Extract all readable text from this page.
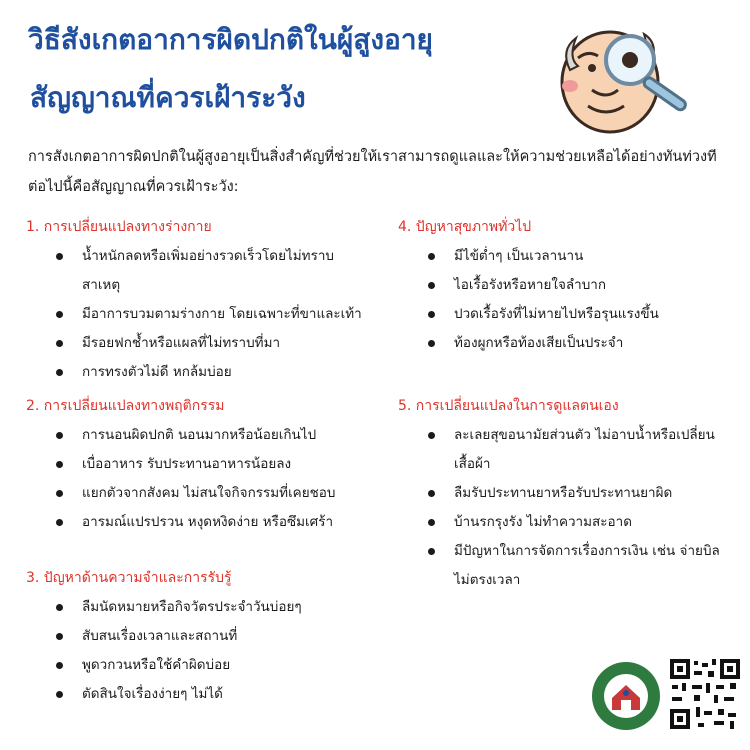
วิธีสังเกตอาการผิดปกติในผู้สูงอายุ
สัญญาณที่ควรเฝ้าระวัง
การสังเกตอาการผิดปกติในผู้สูงอายุเป็นสิ่งสำคัญที่ช่วยให้เราสามารถดูแลและให้ความช่วยเหลือได้อย่างทันท่วงที ต่อไปนี้คือสัญญาณที่ควรเฝ้าระวัง:
1. การเปลี่ยนแปลงทางร่างกาย
น้ำหนักลดหรือเพิ่มอย่างรวดเร็วโดยไม่ทราบสาเหตุ
มีอาการบวมตามร่างกาย โดยเฉพาะที่ขาและเท้า
มีรอยฟกช้ำหรือแผลที่ไม่ทราบที่มา
การทรงตัวไม่ดี หกล้มบ่อย
2. การเปลี่ยนแปลงทางพฤติกรรม
การนอนผิดปกติ นอนมากหรือน้อยเกินไป
เบื่ออาหาร รับประทานอาหารน้อยลง
แยกตัวจากสังคม ไม่สนใจกิจกรรมที่เคยชอบ
อารมณ์แปรปรวน หงุดหงิดง่าย หรือซึมเศร้า
3. ปัญหาด้านความจำและการรับรู้
ลืมนัดหมายหรือกิจวัตรประจำวันบ่อยๆ
สับสนเรื่องเวลาและสถานที่
พูดวกวนหรือใช้คำผิดบ่อย
ตัดสินใจเรื่องง่ายๆ ไม่ได้
4. ปัญหาสุขภาพทั่วไป
มีไข้ต่ำๆ เป็นเวลานาน
ไอเรื้อรังหรือหายใจลำบาก
ปวดเรื้อรังที่ไม่หายไปหรือรุนแรงขึ้น
ท้องผูกหรือท้องเสียเป็นประจำ
5. การเปลี่ยนแปลงในการดูแลตนเอง
ละเลยสุขอนามัยส่วนตัว ไม่อาบน้ำหรือเปลี่ยนเสื้อผ้า
ลืมรับประทานยาหรือรับประทานยาผิด
บ้านรกรุงรัง ไม่ทำความสะอาด
มีปัญหาในการจัดการเรื่องการเงิน เช่น จ่ายบิลไม่ตรงเวลา
